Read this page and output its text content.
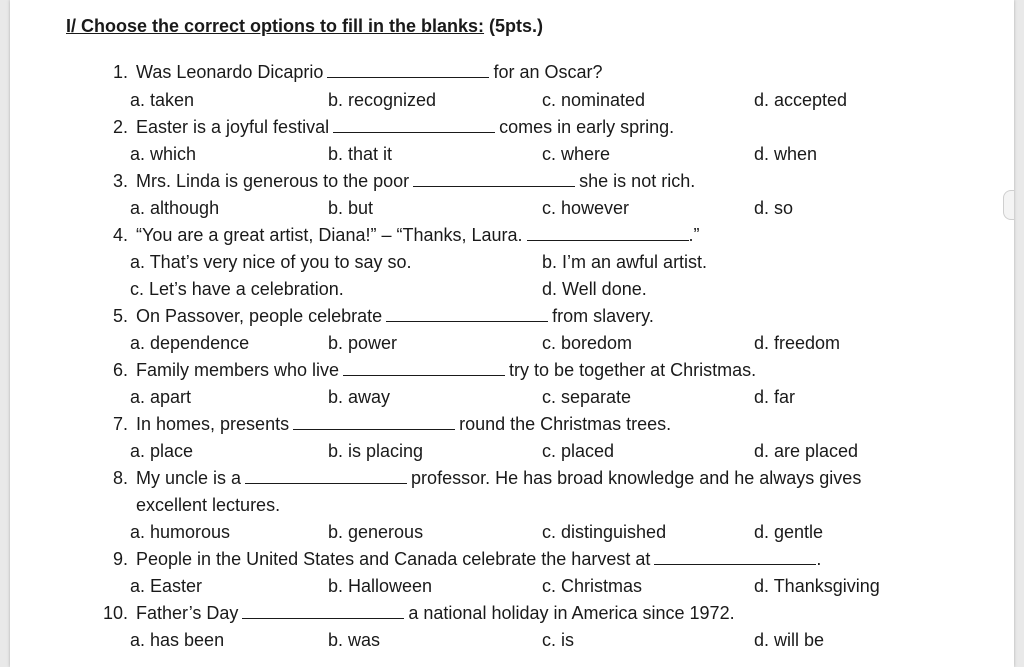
I/ Choose the correct options to fill in the blanks: (5pts.)
1. Was Leonardo Dicaprio	for an Oscar?
a. taken	b. recognized	c. nominated	d. accepted
2. Easter is a joyful festival	comes in early spring.
a. which	b. that it	c. where	d. when
3. Mrs. Linda is generous to the poor	she is not rich.
a. although	b. but	c. however	d. so
4. “You are a great artist, Diana!” – “Thanks, Laura.	.”
a. That’s very nice of you to say so.	b. I’m an awful artist.
c. Let’s have a celebration.	d. Well done.
5. On Passover, people celebrate	from slavery.
a. dependence	b. power	c. boredom	d. freedom
6. Family members who live	try to be together at Christmas.
a. apart	b. away	c. separate	d. far
7. In homes, presents	round the Christmas trees.
a. place	b. is placing	c. placed	d. are placed
8. My uncle is a	professor. He has broad knowledge and he always gives
excellent lectures.
a. humorous	b. generous	c. distinguished	d. gentle
9. People in the United States and Canada celebrate the harvest at	.
a. Easter	b. Halloween	c. Christmas	d. Thanksgiving
10. Father’s Day	a national holiday in America since 1972.
a. has been	b. was	c. is	d. will be
